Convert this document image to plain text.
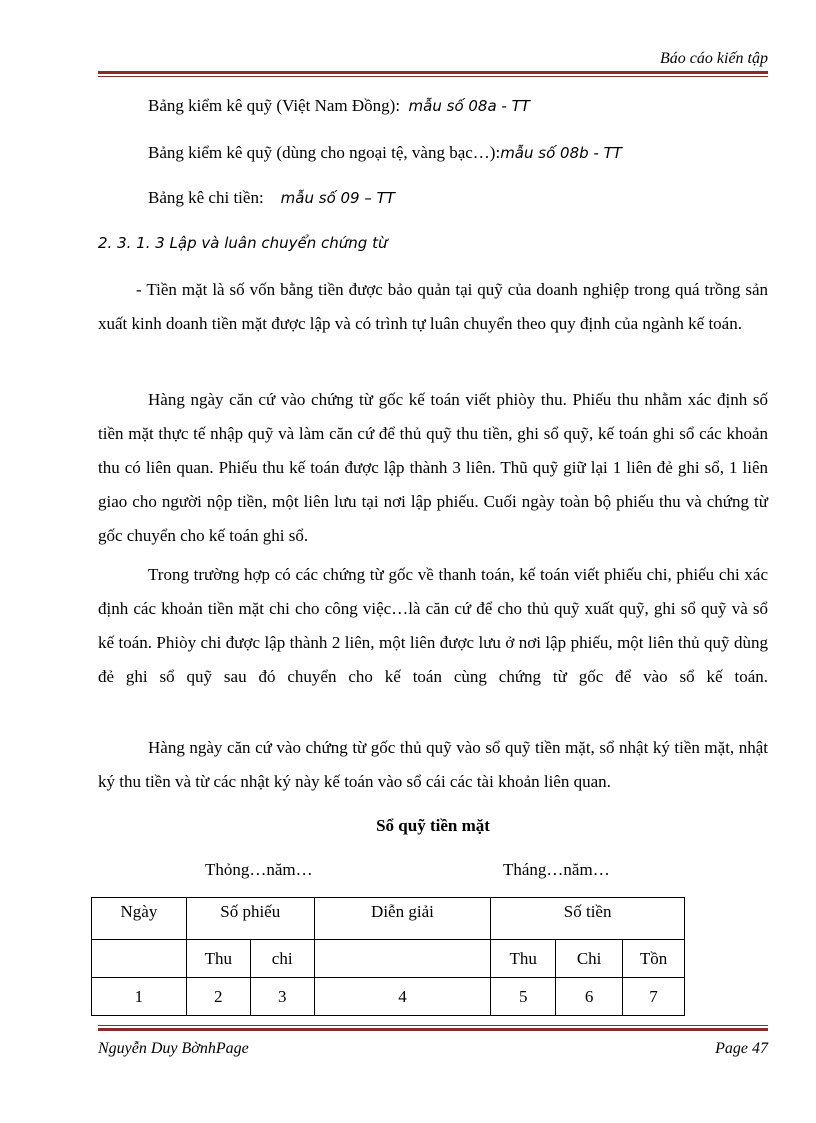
Báo cáo kiến tập
Bảng kiểm kê quỹ (Việt Nam Đồng): mẫu số 08a - TT
Bảng kiểm kê quỹ (dùng cho ngoại tệ, vàng bạc…):mẫu số 08b - TT
Bảng kê chi tiền: mẫu số 09 – TT
2. 3. 1. 3 Lập và luân chuyển chứng từ

- Tiền mặt là số vốn bằng tiền được bảo quản tại quỹ của doanh nghiệp trong quá trồng sản xuất kinh doanh tiền mặt được lập và có trình tự luân chuyển theo quy định của ngành kế toán.

Hàng ngày căn cứ vào chứng từ gốc kế toán viết phiòy thu. Phiếu thu nhằm xác định số tiền mặt thực tế nhập quỹ và làm căn cứ để thủ quỹ thu tiền, ghi sổ quỹ, kế toán ghi sổ các khoản thu có liên quan. Phiếu thu kế toán được lập thành 3 liên. Thũ quỹ giữ lại 1 liên đẻ ghi sổ, 1 liên giao cho người nộp tiền, một liên lưu tại nơi lập phiếu. Cuối ngày toàn bộ phiếu thu và chứng từ gốc chuyển cho kế toán ghi sổ.

Trong trường hợp có các chứng từ gốc về thanh toán, kế toán viết phiếu chi, phiếu chi xác định các khoản tiền mặt chi cho công việc…là căn cứ để cho thủ quỹ xuất quỹ, ghi sổ quỹ và sổ kế toán. Phiòy chi được lập thành 2 liên, một liên được lưu ở nơi lập phiếu, một liên thủ quỹ dùng đẻ ghi sổ quỹ sau đó chuyển cho kế toán cùng chứng từ gốc để vào sổ kế toán.

Hàng ngày căn cứ vào chứng từ gốc thủ quỹ vào sổ quỹ tiền mặt, sổ nhật ký tiền mặt, nhật ký thu tiền và từ các nhật ký này kế toán vào sổ cái các tài khoản liên quan.

Sổ quỹ tiền mặt
Thỏng…năm…	Tháng…năm…
Ngày	Số phiếu		Diễn giải	Số tiền		
	Thu	chi		Thu	Chi	Tồn
1	2	3	4	5	6	7
Nguyễn Duy BờnhPage	Page 47
